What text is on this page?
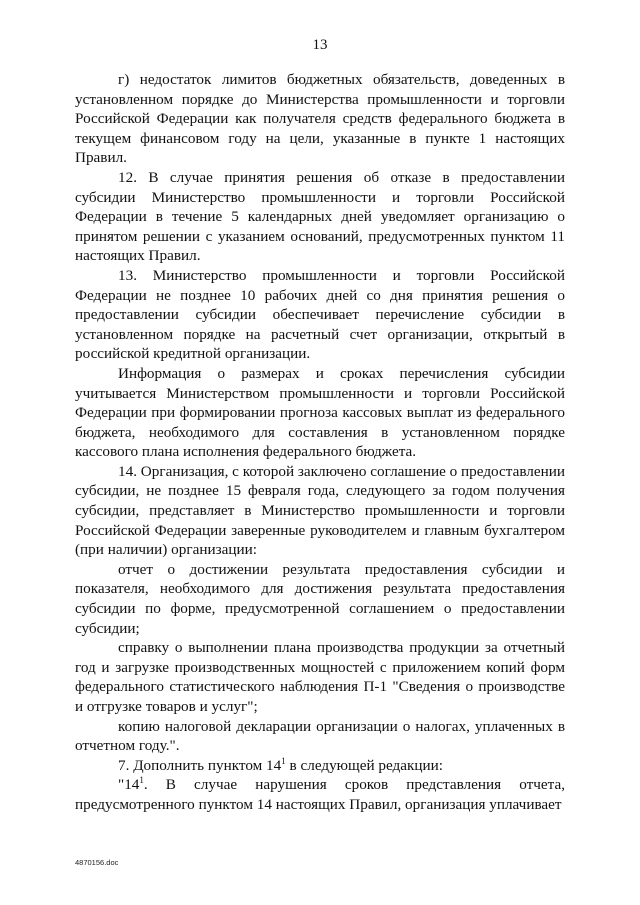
13

г) недостаток лимитов бюджетных обязательств, доведенных в установленном порядке до Министерства промышленности и торговли Российской Федерации как получателя средств федерального бюджета в текущем финансовом году на цели, указанные в пункте 1 настоящих Правил.

12. В случае принятия решения об отказе в предоставлении субсидии Министерство промышленности и торговли Российской Федерации в течение 5 календарных дней уведомляет организацию о принятом решении с указанием оснований, предусмотренных пунктом 11 настоящих Правил.

13. Министерство промышленности и торговли Российской Федерации не позднее 10 рабочих дней со дня принятия решения о предоставлении субсидии обеспечивает перечисление субсидии в установленном порядке на расчетный счет организации, открытый в российской кредитной организации.

Информация о размерах и сроках перечисления субсидии учитывается Министерством промышленности и торговли Российской Федерации при формировании прогноза кассовых выплат из федерального бюджета, необходимого для составления в установленном порядке кассового плана исполнения федерального бюджета.

14. Организация, с которой заключено соглашение о предоставлении субсидии, не позднее 15 февраля года, следующего за годом получения субсидии, представляет в Министерство промышленности и торговли Российской Федерации заверенные руководителем и главным бухгалтером (при наличии) организации:

отчет о достижении результата предоставления субсидии и показателя, необходимого для достижения результата предоставления субсидии по форме, предусмотренной соглашением о предоставлении субсидии;

справку о выполнении плана производства продукции за отчетный год и загрузке производственных мощностей с приложением копий форм федерального статистического наблюдения П-1 "Сведения о производстве и отгрузке товаров и услуг";

копию налоговой декларации организации о налогах, уплаченных в отчетном году.".

7. Дополнить пунктом $14^1$ в следующей редакции:

"$14^1$. В случае нарушения сроков представления отчета, предусмотренного пунктом 14 настоящих Правил, организация уплачивает

4870156.doc
